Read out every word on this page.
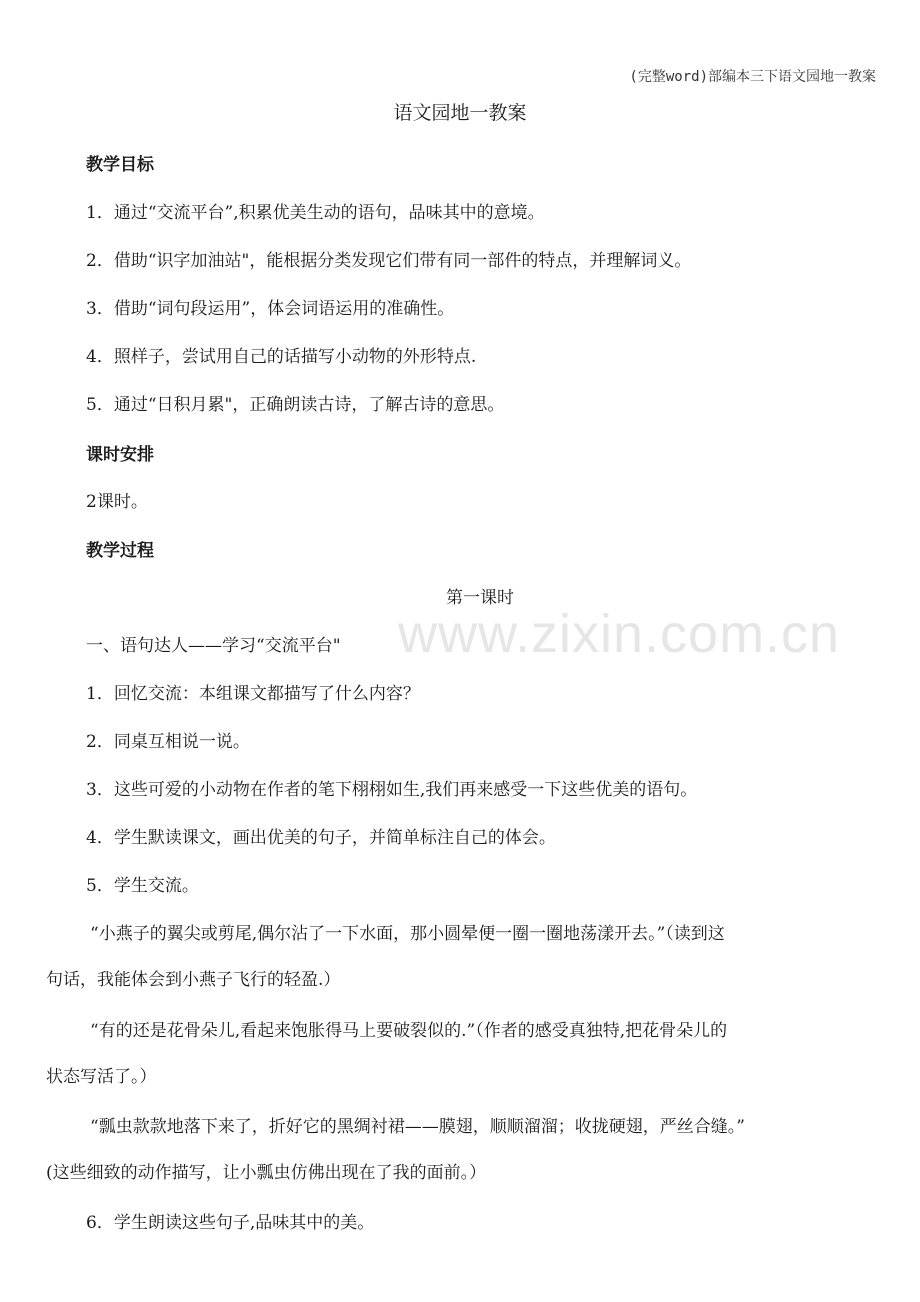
(完整word)部编本三下语文园地一教案
语文园地一教案
www.zixin.com.cn
教学目标
1．通过“交流平台”,积累优美生动的语句，品味其中的意境。
2．借助“识字加油站"，能根据分类发现它们带有同一部件的特点，并理解词义。
3．借助“词句段运用”，体会词语运用的准确性。
4．照样子，尝试用自己的话描写小动物的外形特点.
5．通过“日积月累"，正确朗读古诗，了解古诗的意思。
课时安排
2课时。
教学过程
第一课时
一、语句达人——学习“交流平台"
1．回忆交流：本组课文都描写了什么内容？
2．同桌互相说一说。
3．这些可爱的小动物在作者的笔下栩栩如生,我们再来感受一下这些优美的语句。
4．学生默读课文，画出优美的句子，并简单标注自己的体会。
5．学生交流。
“小燕子的翼尖或剪尾,偶尔沾了一下水面，那小圆晕便一圈一圈地荡漾开去。”（读到这
句话，我能体会到小燕子飞行的轻盈.）
“有的还是花骨朵儿,看起来饱胀得马上要破裂似的.”（作者的感受真独特,把花骨朵儿的
状态写活了。）
“瓢虫款款地落下来了，折好它的黑绸衬裙——膜翅，顺顺溜溜；收拢硬翅，严丝合缝。”
(这些细致的动作描写，让小瓢虫仿佛出现在了我的面前。）
6．学生朗读这些句子,品味其中的美。
